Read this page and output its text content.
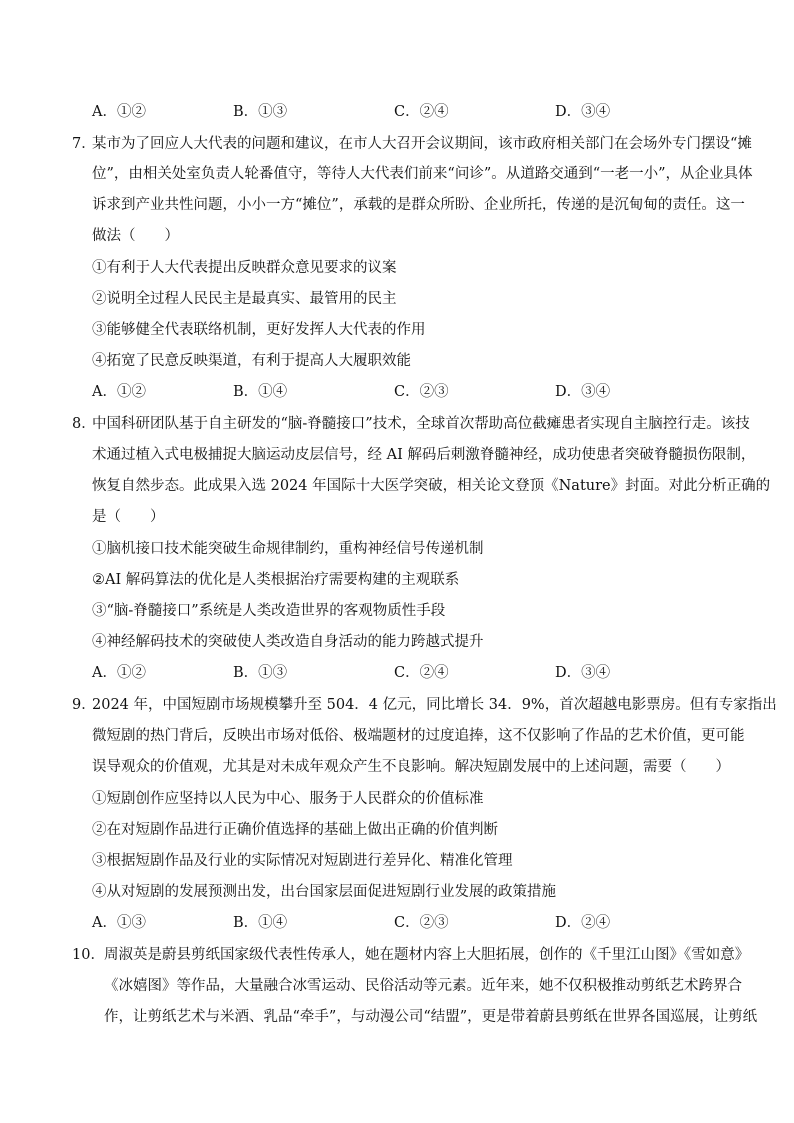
A．①②	B．①③	C．②④	D．③④
7．
某市为了回应人大代表的问题和建议，在市人大召开会议期间，该市政府相关部门在会场外专门摆设“摊
位”，由相关处室负责人轮番值守，等待人大代表们前来“问诊”。从道路交通到“一老一小”，从企业具体
诉求到产业共性问题，小小一方“摊位”，承载的是群众所盼、企业所托，传递的是沉甸甸的责任。这一
做法（　　）
①有利于人大代表提出反映群众意见要求的议案
②说明全过程人民民主是最真实、最管用的民主
③能够健全代表联络机制，更好发挥人大代表的作用
④拓宽了民意反映渠道，有利于提高人大履职效能
A．①②	B．①④	C．②③	D．③④
8．
中国科研团队基于自主研发的“脑-脊髓接口”技术，全球首次帮助高位截瘫患者实现自主脑控行走。该技
术通过植入式电极捕捉大脑运动皮层信号，经 AI 解码后刺激脊髓神经，成功使患者突破脊髓损伤限制，
恢复自然步态。此成果入选 2024 年国际十大医学突破，相关论文登顶《Nature》封面。对此分析正确的
是（　　）
①脑机接口技术能突破生命规律制约，重构神经信号传递机制
②AI 解码算法的优化是人类根据治疗需要构建的主观联系
③“脑-脊髓接口”系统是人类改造世界的客观物质性手段
④神经解码技术的突破使人类改造自身活动的能力跨越式提升
A．①②	B．①③	C．②④	D．③④
9．
2024 年，中国短剧市场规模攀升至 504．4 亿元，同比增长 34．9%，首次超越电影票房。但有专家指出
微短剧的热门背后，反映出市场对低俗、极端题材的过度追捧，这不仅影响了作品的艺术价值，更可能
误导观众的价值观，尤其是对未成年观众产生不良影响。解决短剧发展中的上述问题，需要（　　）
①短剧创作应坚持以人民为中心、服务于人民群众的价值标准
②在对短剧作品进行正确价值选择的基础上做出正确的价值判断
③根据短剧作品及行业的实际情况对短剧进行差异化、精准化管理
④从对短剧的发展预测出发，出台国家层面促进短剧行业发展的政策措施
A．①③	B．①④	C．②③	D．②④
10． 周淑英是蔚县剪纸国家级代表性传承人，她在题材内容上大胆拓展，创作的《千里江山图》《雪如意》
《冰嬉图》等作品，大量融合冰雪运动、民俗活动等元素。近年来，她不仅积极推动剪纸艺术跨界合
作，让剪纸艺术与米酒、乳品“牵手”，与动漫公司“结盟”，更是带着蔚县剪纸在世界各国巡展，让剪纸
